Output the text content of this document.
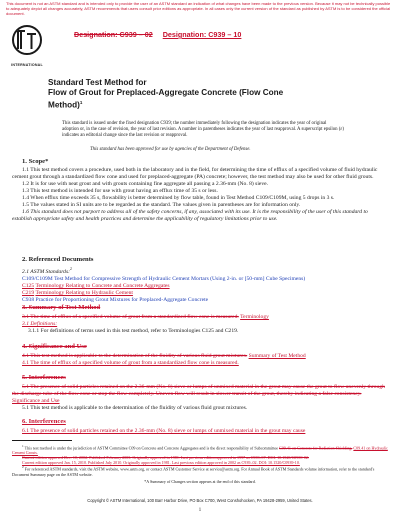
This document is not an ASTM standard and is intended only to provide the user of an ASTM standard an indication of what changes have been made to the previous version. Because it may not be technically possible to adequately depict all changes accurately, ASTM recommends that users consult prior editions as appropriate. In all cases only the current version of the standard as published by ASTM is to be considered the official document.
INTERNATIONAL
Designation: C939 – 02 Designation: C939 – 10
Standard Test Method for
Flow of Grout for Preplaced-Aggregate Concrete (Flow Cone
Method)$^1$
This standard is issued under the fixed designation C939; the number immediately following the designation indicates the year of original adoption or, in the case of revision, the year of last revision. A number in parentheses indicates the year of last reapproval. A superscript epsilon (ε) indicates an editorial change since the last revision or reapproval.
This standard has been approved for use by agencies of the Department of Defense.
1. Scope*

1.1 This test method covers a procedure, used both in the laboratory and in the field, for determining the time of efflux of a specified volume of fluid hydraulic cement grout through a standardized flow cone and used for preplaced-aggregate (PA) concrete; however, the test method may also be used for other fluid grouts.

1.2 It is for use with neat grout and with grouts containing fine aggregate all passing a 2.36-mm (No. 8) sieve.

1.3 This test method is intended for use with grout having an efflux time of 35 s or less.

1.4 When efflux time exceeds 35 s, flowability is better determined by flow table, found in Test Method C109/C109M, using 5 drops in 3 s.

1.5 The values stated in SI units are to be regarded as the standard. The values given in parentheses are for information only.

1.6 This standard does not purport to address all of the safety concerns, if any, associated with its use. It is the responsibility of the user of this standard to establish appropriate safety and health practices and determine the applicability of regulatory limitations prior to use.

2. Referenced Documents

2.1 ASTM Standards:$^2$

C109/C109M Test Method for Compressive Strength of Hydraulic Cement Mortars (Using 2-in. or [50-mm] Cube Specimens)

C125 Terminology Relating to Concrete and Concrete Aggregates

C219 Terminology Relating to Hydraulic Cement

C938 Practice for Proportioning Grout Mixtures for Preplaced-Aggregate Concrete

3. Summary of Test Method

3.1 The time of efflux of a specified volume of grout from a standardized flow cone is measured. Terminology

3.1 Definitions:

3.1.1 For definitions of terms used in this test method, refer to Terminologies C125 and C219.

4. Significance and Use

4.1 This test method is applicable to the determination of the fluidity of various fluid grout mixtures. Summary of Test Method

4.1 The time of efflux of a specified volume of grout from a standardized flow cone is measured.

5. Interferences

5.1 The presence of solid particles retained on the 2.36-mm (No. 8) sieve or lumps of unmixed material in the grout may cause the grout to flow unevenly through the discharge tube of the flow cone or stop the flow completely. Uneven flow will result in slower transit of the grout, thereby indicating a false consistency. Significance and Use

5.1 This test method is applicable to the determination of the fluidity of various fluid grout mixtures.

6. Interferences
6.1 The presence of solid particles retained on the 2.36-mm (No. 8) sieve or lumps of unmixed material in the grout may cause

$^1$ This test method is under the jurisdiction of ASTM Committee C09 on Concrete and Concrete Aggregates and is the direct responsibility of Subcommittee C09.41 on Concrete for Radiation Shielding. C09.41 on Hydraulic Cement Grouts.

Current edition approved Dec. 10, 2002. Published February 2003. Originally approved in 1981. Last previous edition approved in 1997 as C939–97. DOI: 10.1520/C0939-02.

Current edition approved Jan. 15, 2010. Published July 2010. Originally approved in 1981. Last previous edition approved in 2002 as C939–02. DOI: 10.1520/C0939-10.

$^2$ For referenced ASTM standards, visit the ASTM website, www.astm.org, or contact ASTM Customer Service at service@astm.org. For Annual Book of ASTM Standards volume information, refer to the standard's Document Summary page on the ASTM website.

*A Summary of Changes section appears at the end of this standard.

Copyright © ASTM International, 100 Barr Harbor Drive, PO Box C700, West Conshohocken, PA 19428-2959, United States.
1
